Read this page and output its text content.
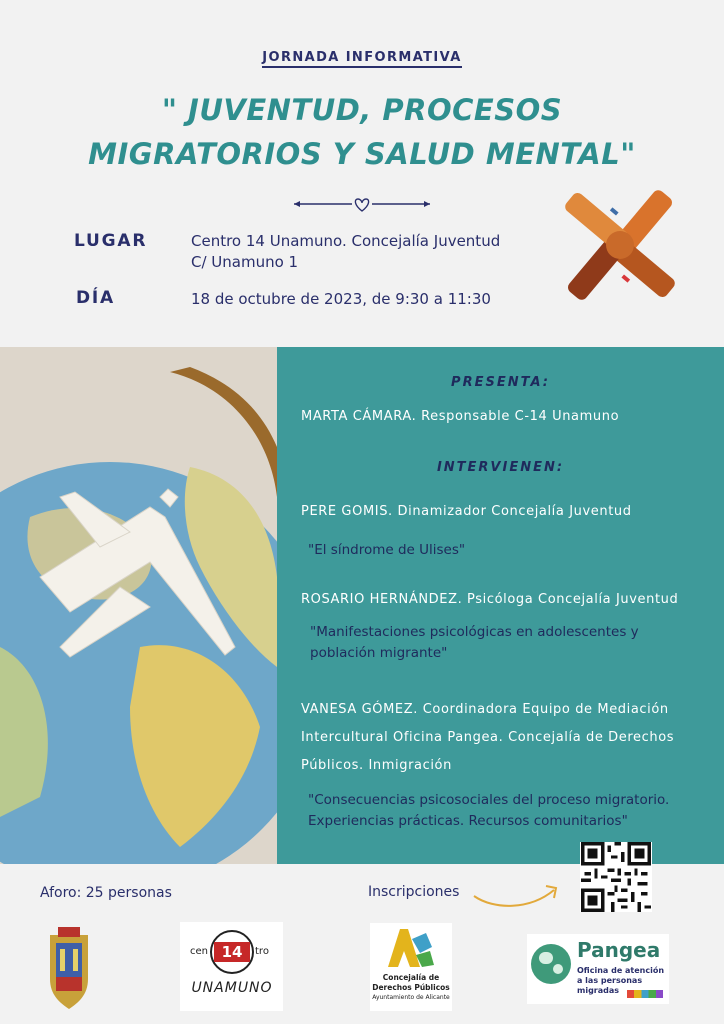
JORNADA INFORMATIVA
" JUVENTUD, PROCESOS MIGRATORIOS Y SALUD MENTAL"
LUGAR	Centro 14 Unamuno. Concejalía Juventud
C/ Unamuno 1
DÍA	18 de octubre de 2023, de 9:30 a 11:30
PRESENTA:
MARTA CÁMARA. Responsable C-14 Unamuno
INTERVIENEN:
PERE GOMIS. Dinamizador Concejalía Juventud
"El síndrome de Ulises"
ROSARIO HERNÁNDEZ. Psicóloga Concejalía Juventud
"Manifestaciones psicológicas en adolescentes y población migrante"
VANESA GÓMEZ. Coordinadora Equipo de Mediación Intercultural Oficina Pangea. Concejalía de Derechos Públicos. Inmigración
"Consecuencias psicosociales del proceso migratorio. Experiencias prácticas. Recursos comunitarios"
Aforo: 25 personas	Inscripciones
cen 14	tro
UNAMUNO
Concejalía de
Derechos Públicos
Ayuntamiento de Alicante
Pangea
Oficina de atención a las personas migradas
